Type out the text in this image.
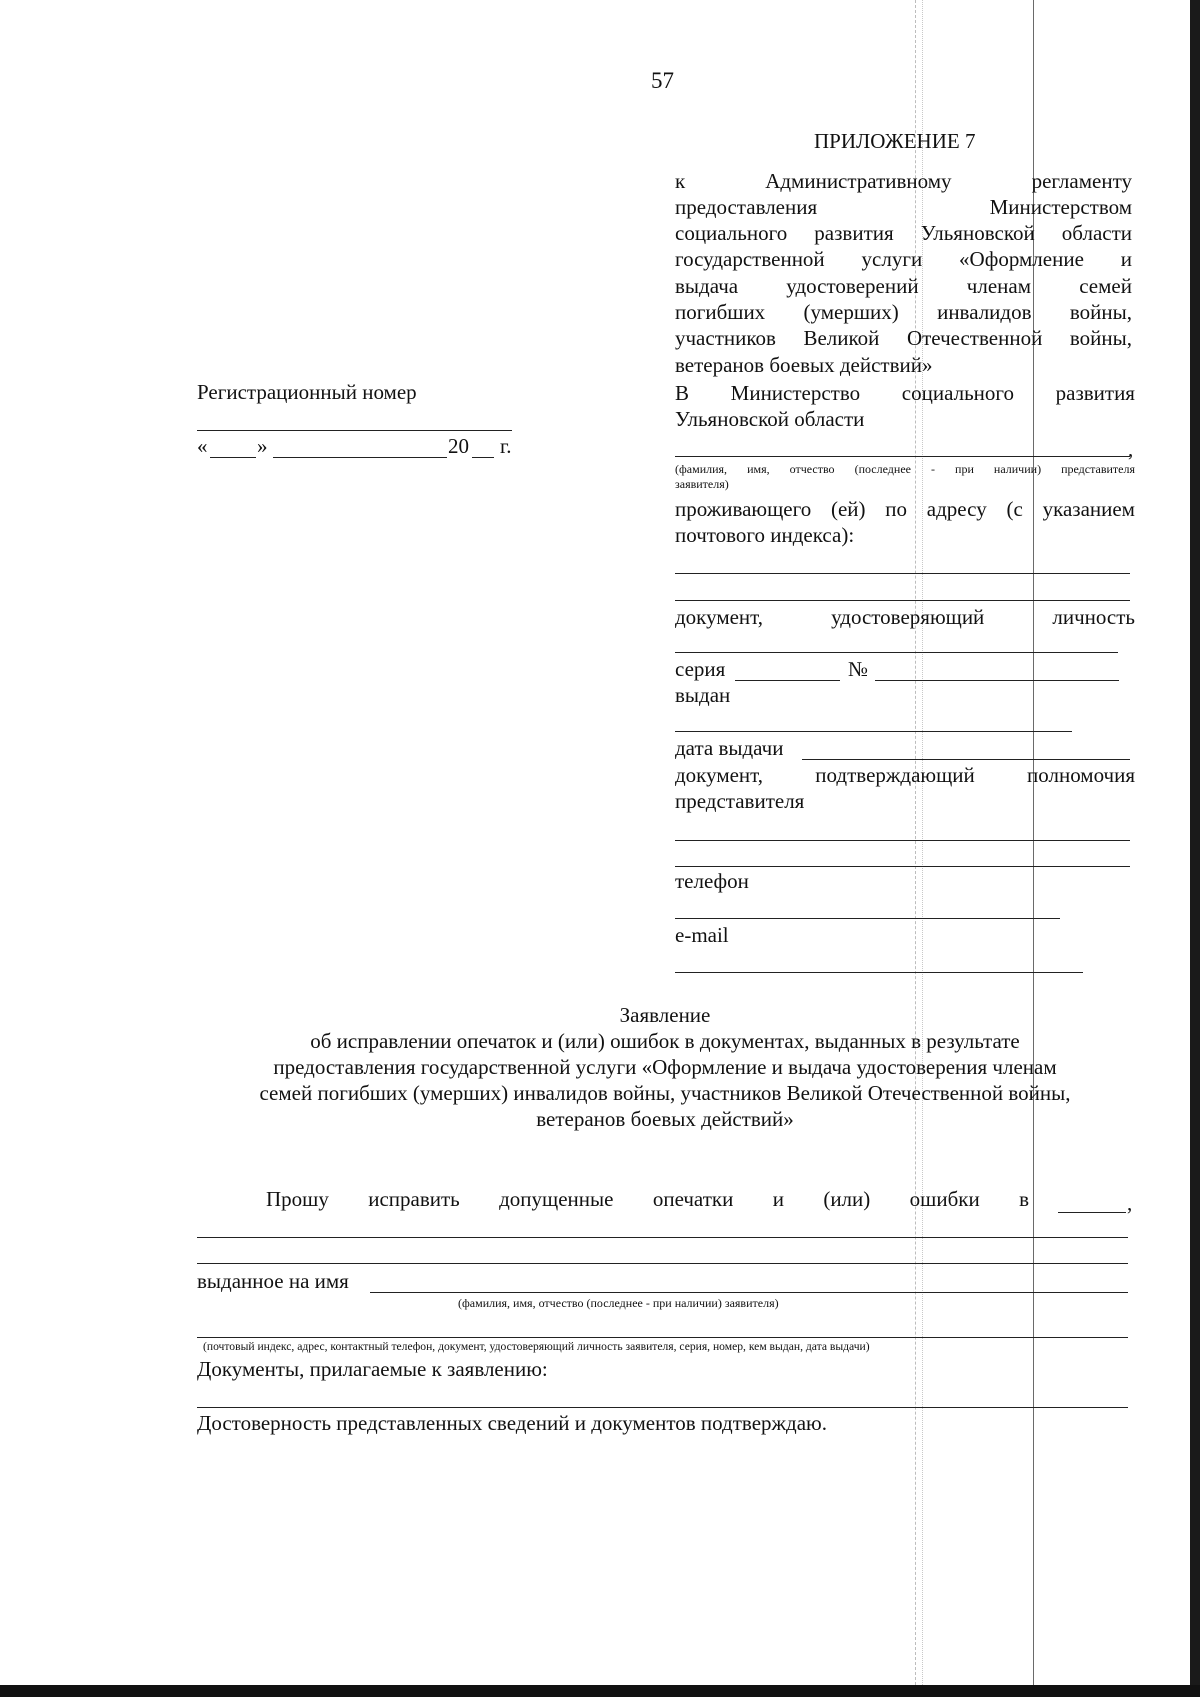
57
ПРИЛОЖЕНИЕ 7
к	Административному	регламенту
предоставления	Министерством
социального развития Ульяновской области
государственной услуги «Оформление и
выдача удостоверений членам семей
погибших (умерших) инвалидов войны,
участников Великой Отечественной войны,
ветеранов боевых действий»
Регистрационный номер
« »	20 г.
В Министерство социального развития
Ульяновской области
,
(фамилия, имя, отчество (последнее - при наличии) представителя
заявителя)
проживающего (ей) по адресу (с указанием
почтового индекса):
документ,	удостоверяющий	личность
серия	№
выдан
дата выдачи
документ, подтверждающий полномочия
представителя
телефон
e-mail
Заявление
об исправлении опечаток и (или) ошибок в документах, выданных в результате
предоставления государственной услуги «Оформление и выдача удостоверения членам
семей погибших (умерших) инвалидов войны, участников Великой Отечественной войны,
ветеранов боевых действий»
Прошу исправить допущенные опечатки и (или) ошибки в	,
выданное на имя
(фамилия, имя, отчество (последнее - при наличии) заявителя)
(почтовый индекс, адрес, контактный телефон, документ, удостоверяющий личность заявителя, серия, номер, кем выдан, дата выдачи)
Документы, прилагаемые к заявлению:
Достоверность представленных сведений и документов подтверждаю.
